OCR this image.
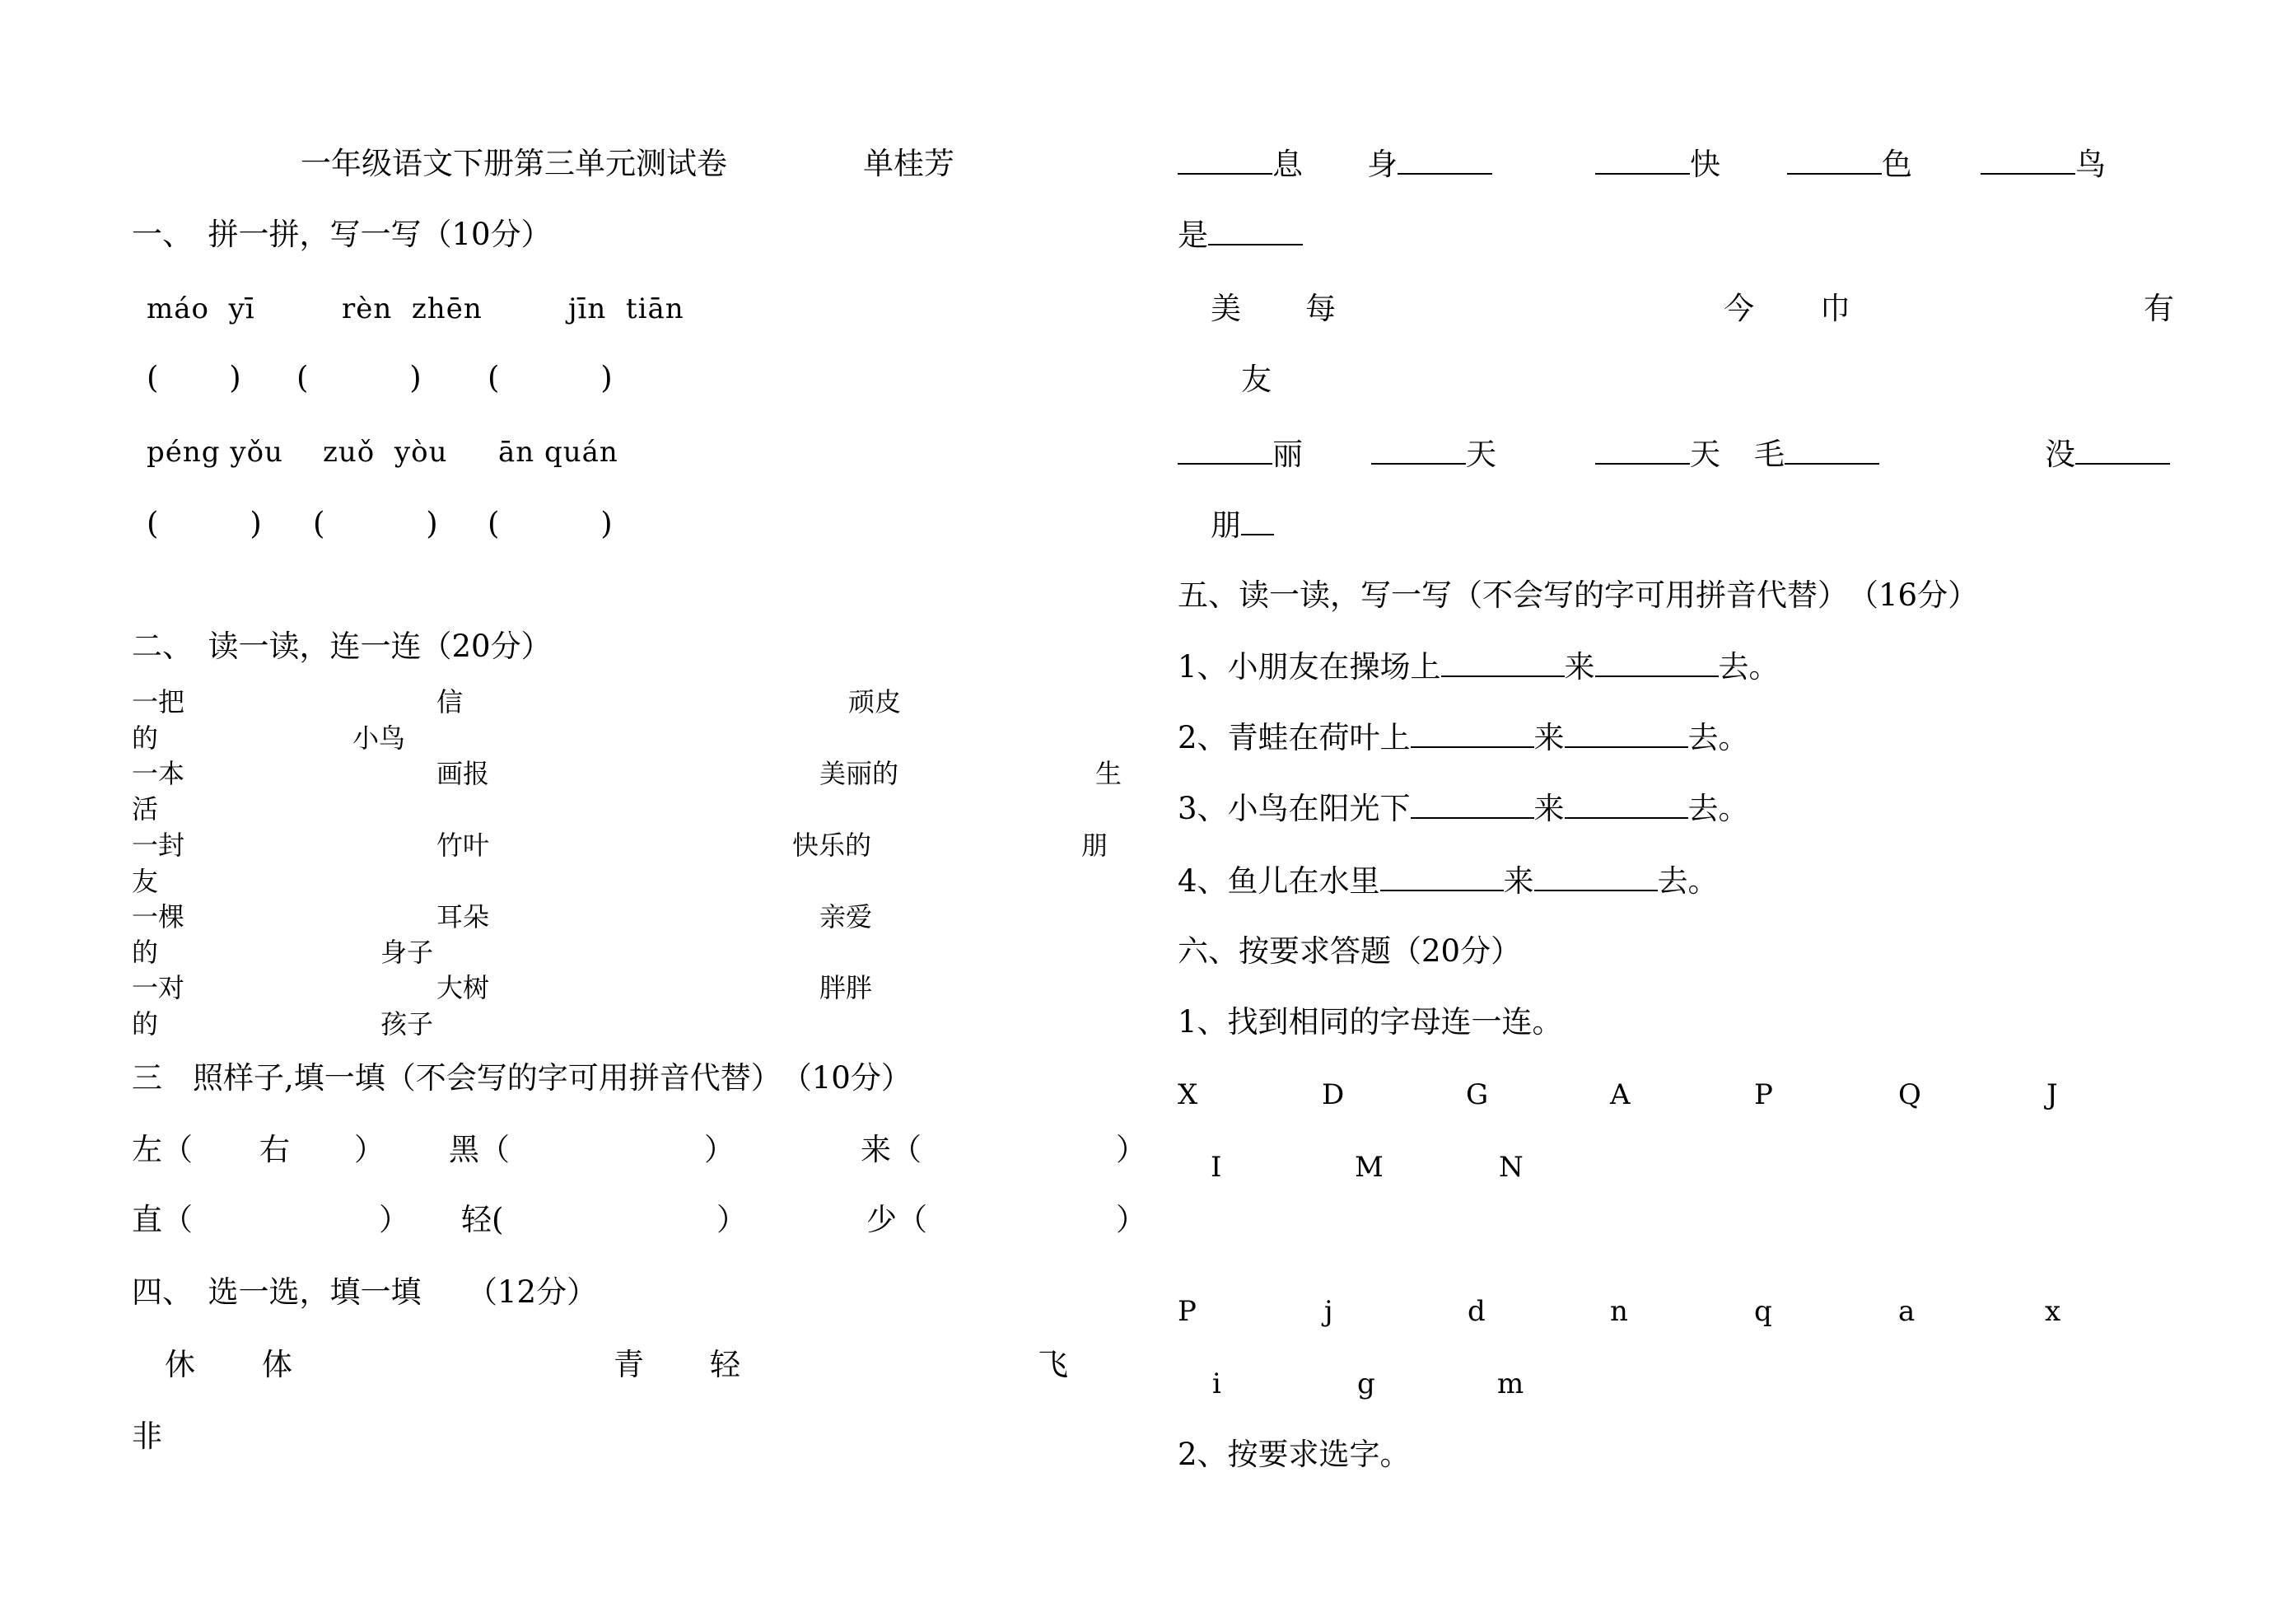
一年级语文下册第三单元测试卷	单桂芳
一、　拼一拼，写一写（10分）
máo  yī	rèn  zhēn	jīn  tiān
(　　 ) (　　　 ) (　　　 )
péng yǒu zuǒ  yòu ān quán
(　　　) (　　　 ) (　　　 )
二、　读一读，连一连（20分）
一把	信	顽皮
的	小鸟
一本	画报	美丽的	生
活
一封	竹叶	快乐的	朋
友
一棵	耳朵	亲爱
的	身子
一对	大树	胖胖
的	孩子
三　照样子,填一填（不会写的字可用拼音代替）　（10分）
左（ 右 ） 黑（	）	来（	）
直（	） 轻(	）	少（	）
四、　选一选，填一填　　（12分）
休 体	青 轻	飞
非
息 身	快	色	鸟
是
美 每	今 巾	有
友
丽	天	天 毛	没
朋
五、读一读，写一写（不会写的字可用拼音代替）　（16分）
1、小朋友在操场上	来	去。
2、青蛙在荷叶上	来	去。
3、小鸟在阳光下	来	去。
4、鱼儿在水里	来	去。
六、按要求答题（20分）
1、找到相同的字母连一连。
X	D	G	A	P	Q	J
I	M	N
P	j	d	n	q	a	x
i	g	m
2、按要求选字。
